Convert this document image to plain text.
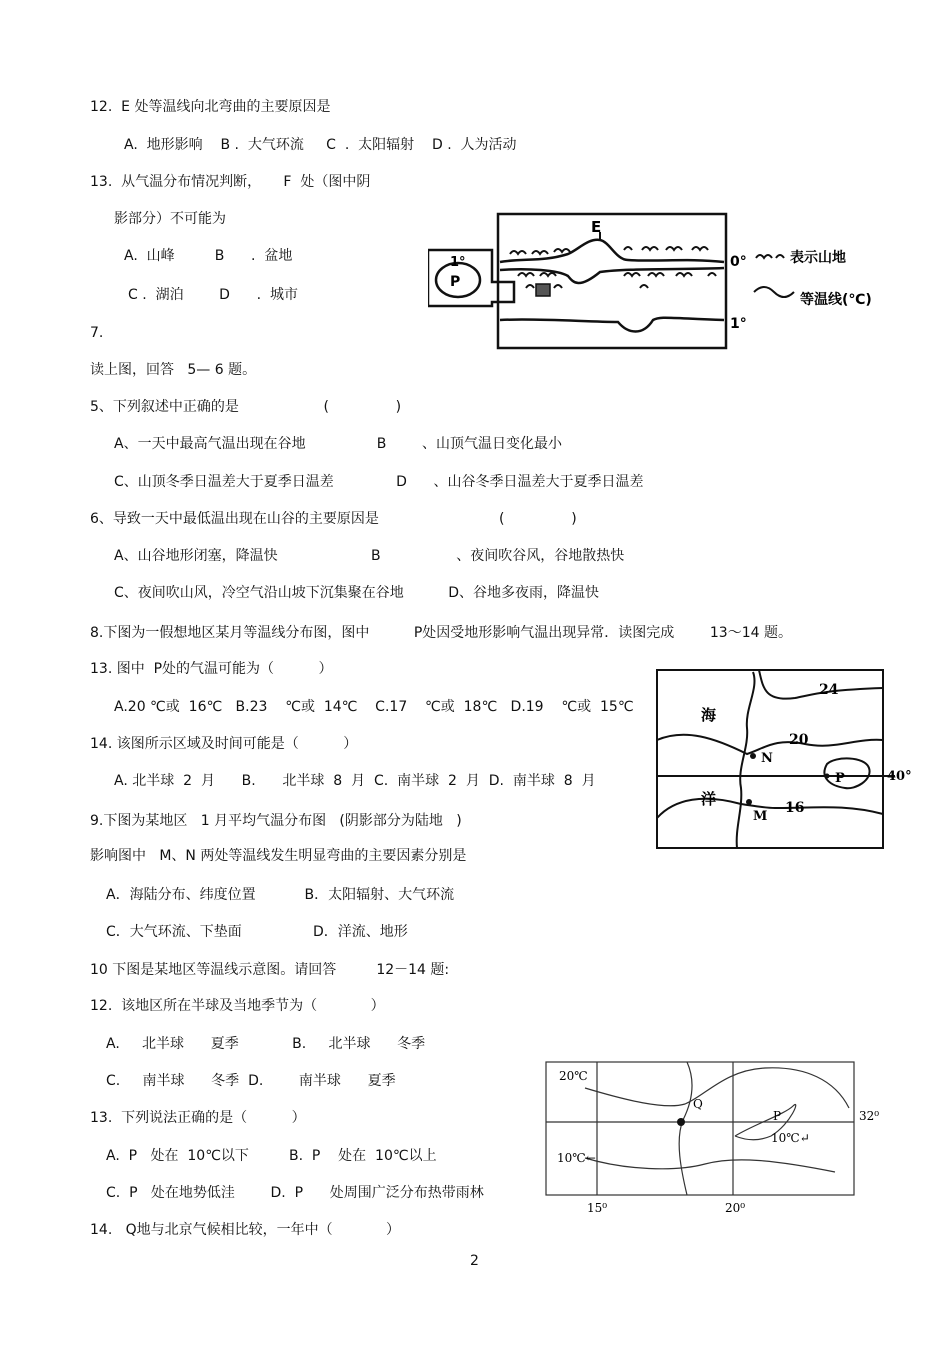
12.  E 处等温线向北弯曲的主要原因是
A.  地形影响    B .  大气环流     C  .  太阳辐射    D .  人为活动
13.  从气温分布情况判断，     F  处（图中阴
影部分）不可能为
A.  山峰         B      .  盆地
C .  湖泊        D      .  城市
7.
读上图，回答   5— 6 题。
5、下列叙述中正确的是                   (               )
A、一天中最高气温出现在谷地                B        、山顶气温日变化最小
C、山顶冬季日温差大于夏季日温差              D      、山谷冬季日温差大于夏季日温差
6、导致一天中最低温出现在山谷的主要原因是                           (               )
A、山谷地形闭塞，降温快                     B                 、夜间吹谷风，谷地散热快
C、夜间吹山风，冷空气沿山坡下沉集聚在谷地          D、谷地多夜雨，降温快
8.下图为一假想地区某月等温线分布图，图中          P处因受地形影响气温出现异常．读图完成        13～14 题。
13. 图中  P处的气温可能为（          ）
A.20 ℃或  16℃   B.23    ℃或  14℃    C.17    ℃或  18℃   D.19    ℃或  15℃
14. 该图所示区域及时间可能是（          ）
A. 北半球  2  月      B.      北半球  8  月  C.  南半球  2  月  D.  南半球  8  月
9.下图为某地区   1 月平均气温分布图   (阴影部分为陆地   )
影响图中   M、N 两处等温线发生明显弯曲的主要因素分别是
A．海陆分布、纬度位置           B．太阳辐射、大气环流
C．大气环流、下垫面                D．洋流、地形
10 下图是某地区等温线示意图。请回答         12－14 题:
12.  该地区所在半球及当地季节为（            ）
A.     北半球      夏季            B.     北半球      冬季
C.     南半球      冬季  D.        南半球      夏季
13.  下列说法正确的是（          ）
A.  P   处在  10℃以下         B.  P    处在  10℃以上
C.  P   处在地势低洼        D.  P      处周围广泛分布热带雨林
14.   Q地与北京气候相比较，一年中（            ）
1°
P
E
0°
1°
表示山地
等温线(℃)
海
洋
24
20
16
N
M
P	40°
20℃
10℃←
Q
P
10℃↵
32⁰
15⁰	20⁰
2
